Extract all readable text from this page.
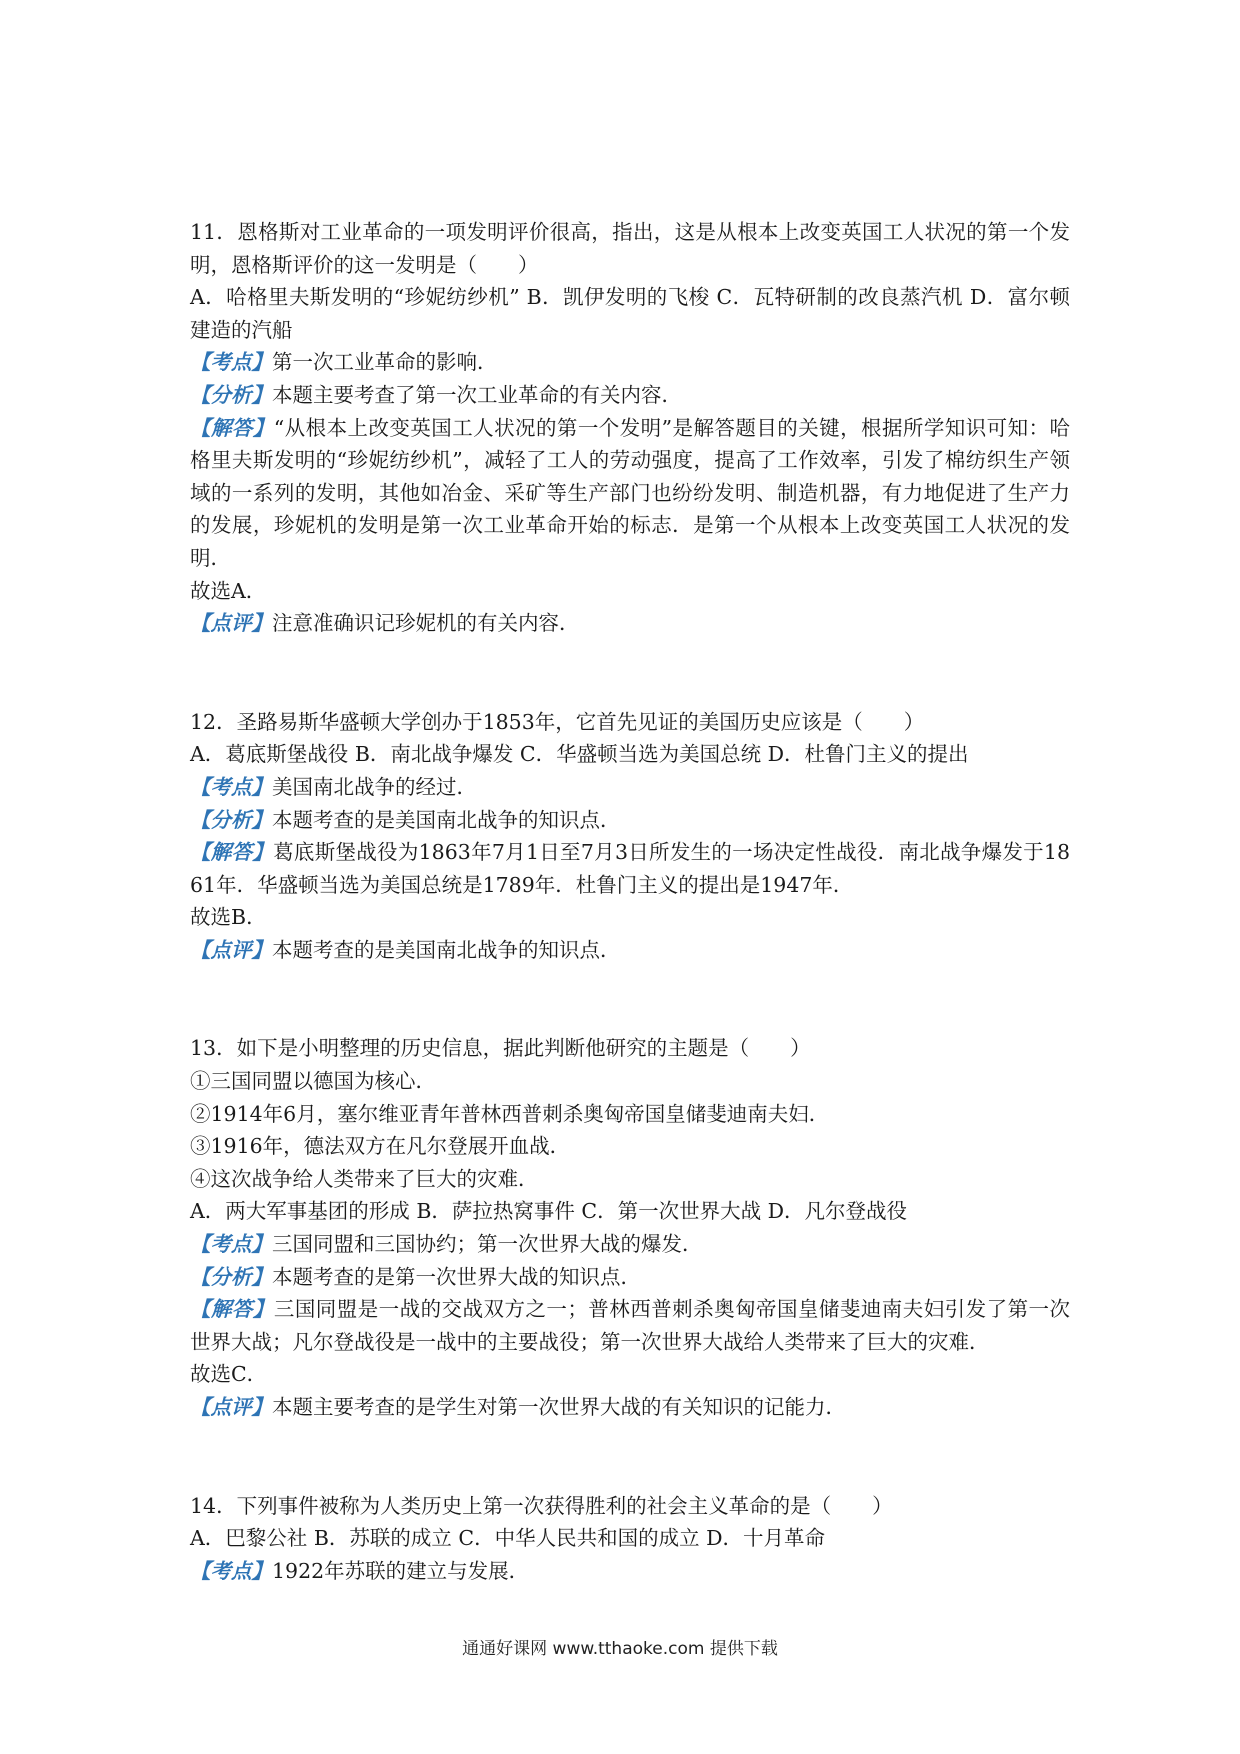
11．恩格斯对工业革命的一项发明评价很高，指出，这是从根本上改变英国工人状况的第一个发明，恩格斯评价的这一发明是（　　）
A．哈格里夫斯发明的“珍妮纺纱机” B．凯伊发明的飞梭 C．瓦特研制的改良蒸汽机 D．富尔顿建造的汽船
【考点】第一次工业革命的影响．
【分析】本题主要考查了第一次工业革命的有关内容．
【解答】“从根本上改变英国工人状况的第一个发明”是解答题目的关键，根据所学知识可知：哈格里夫斯发明的“珍妮纺纱机”，减轻了工人的劳动强度，提高了工作效率，引发了棉纺织生产领域的一系列的发明，其他如冶金、采矿等生产部门也纷纷发明、制造机器，有力地促进了生产力的发展，珍妮机的发明是第一次工业革命开始的标志．是第一个从根本上改变英国工人状况的发明．
故选A．
【点评】注意准确识记珍妮机的有关内容．
12．圣路易斯华盛顿大学创办于1853年，它首先见证的美国历史应该是（　　）
A．葛底斯堡战役 B．南北战争爆发 C．华盛顿当选为美国总统 D．杜鲁门主义的提出
【考点】美国南北战争的经过．
【分析】本题考查的是美国南北战争的知识点．
【解答】葛底斯堡战役为1863年7月1日至7月3日所发生的一场决定性战役．南北战争爆发于1861年．华盛顿当选为美国总统是1789年．杜鲁门主义的提出是1947年．
故选B．
【点评】本题考查的是美国南北战争的知识点．
13．如下是小明整理的历史信息，据此判断他研究的主题是（　　）
①三国同盟以德国为核心．
②1914年6月，塞尔维亚青年普林西普刺杀奥匈帝国皇储斐迪南夫妇．
③1916年，德法双方在凡尔登展开血战．
④这次战争给人类带来了巨大的灾难．
A．两大军事基团的形成 B．萨拉热窝事件 C．第一次世界大战 D．凡尔登战役
【考点】三国同盟和三国协约；第一次世界大战的爆发．
【分析】本题考查的是第一次世界大战的知识点．
【解答】三国同盟是一战的交战双方之一；普林西普刺杀奥匈帝国皇储斐迪南夫妇引发了第一次世界大战；凡尔登战役是一战中的主要战役；第一次世界大战给人类带来了巨大的灾难．
故选C．
【点评】本题主要考查的是学生对第一次世界大战的有关知识的记能力．
14．下列事件被称为人类历史上第一次获得胜利的社会主义革命的是（　　）
A．巴黎公社 B．苏联的成立 C．中华人民共和国的成立 D．十月革命
【考点】1922年苏联的建立与发展．
通通好课网 www.tthaoke.com 提供下载
